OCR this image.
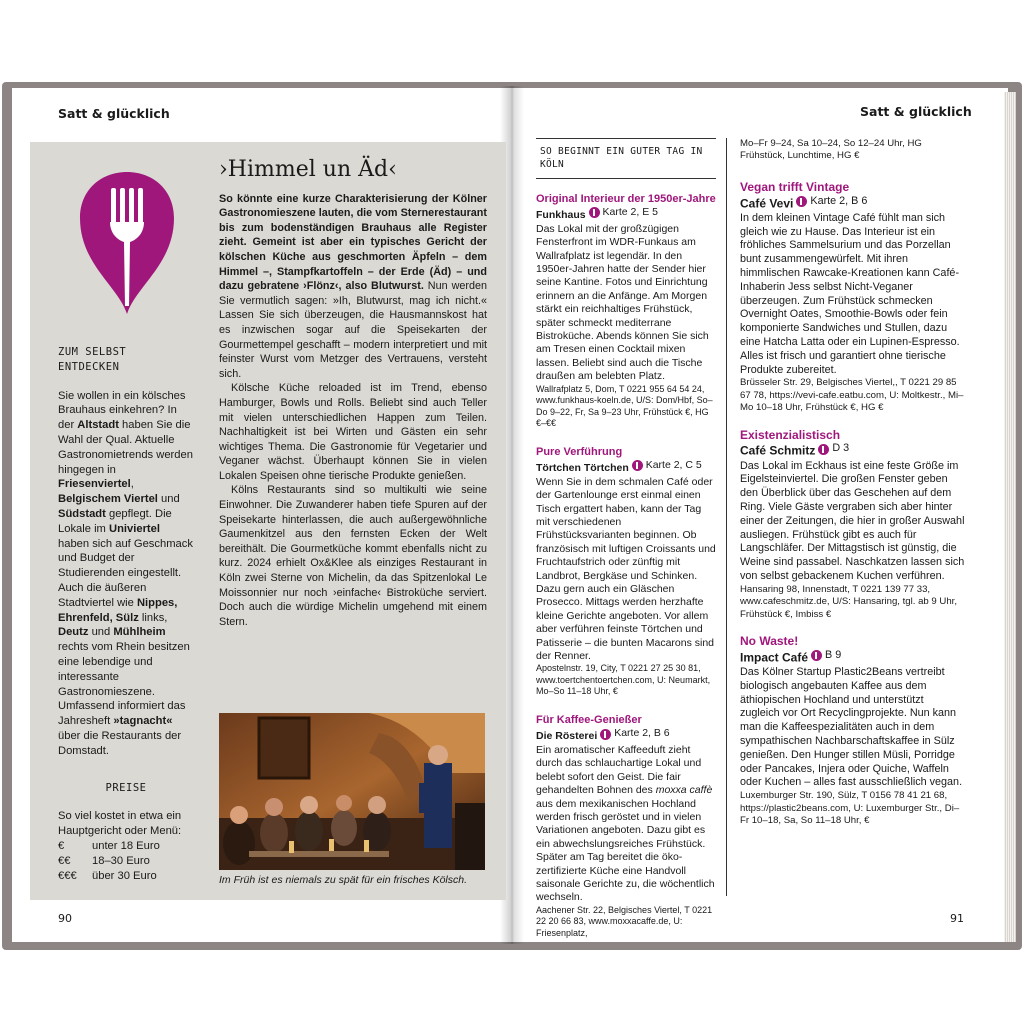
Satt & glücklich
ZUM SELBST ENTDECKEN
Sie wollen in ein kölsches Brauhaus einkehren? In der Altstadt haben Sie die Wahl der Qual. Aktuelle Gastronomietrends werden hingegen in Friesenviertel, Belgischem Viertel und Südstadt gepflegt. Die Lokale im Univiertel haben sich auf Geschmack und Budget der Studierenden eingestellt. Auch die äußeren Stadtviertel wie Nippes, Ehrenfeld, Sülz links, Deutz und Mühlheim rechts vom Rhein besitzen eine lebendige und interessante Gastronomieszene. Umfassend informiert das Jahresheft »tagnacht« über die Restaurants der Domstadt.
PREISE
So viel kostet in etwa ein Hauptgericht oder Menü:
€	unter 18 Euro
€€	18–30 Euro
€€€	über 30 Euro
›Himmel un Äd‹

So könnte eine kurze Charakterisierung der Kölner Gastronomieszene lauten, die vom Sternerestaurant bis zum bodenständigen Brauhaus alle Register zieht. Gemeint ist aber ein typisches Gericht der kölschen Küche aus geschmorten Äpfeln – dem Himmel –, Stampfkartoffeln – der Erde (Äd) – und dazu gebratene ›Flönz‹, also Blutwurst. Nun werden Sie vermutlich sagen: »Ih, Blutwurst, mag ich nicht.« Lassen Sie sich überzeugen, die Hausmannskost hat es inzwischen sogar auf die Speisekarten der Gourmettempel geschafft – modern interpretiert und mit feinster Wurst vom Metzger des Vertrauens, versteht sich.

Kölsche Küche reloaded ist im Trend, ebenso Hamburger, Bowls und Rolls. Beliebt sind auch Teller mit vielen unterschiedlichen Happen zum Teilen. Nachhaltigkeit ist bei Wirten und Gästen ein sehr wichtiges Thema. Die Gastronomie für Vegetarier und Veganer wächst. Überhaupt können Sie in vielen Lokalen Speisen ohne tierische Produkte genießen.

Kölns Restaurants sind so multikulti wie seine Einwohner. Die Zuwanderer haben tiefe Spuren auf der Speisekarte hinterlassen, die auch außergewöhnliche Gaumenkitzel aus den fernsten Ecken der Welt bereithält. Die Gourmetküche kommt ebenfalls nicht zu kurz. 2024 erhielt Ox&Klee als einziges Restaurant in Köln zwei Sterne von Michelin, da das Spitzenlokal Le Moissonnier nur noch ›einfache‹ Bistroküche serviert. Doch auch die würdige Michelin umgehend mit einem Stern.

Im Früh ist es niemals zu spät für ein frisches Kölsch.
90
Satt & glücklich
SO BEGINNT EIN GUTER TAG IN KÖLN
Original Interieur der 1950er-Jahre
Funkhaus Karte 2, E 5

Das Lokal mit der großzügigen Fensterfront im WDR-Funkaus am Wallrafplatz ist legendär. In den 1950er-Jahren hatte der Sender hier seine Kantine. Fotos und Einrichtung erinnern an die Anfänge. Am Morgen stärkt ein reichhaltiges Frühstück, später schmeckt mediterrane Bistroküche. Abends können Sie sich am Tresen einen Cocktail mixen lassen. Beliebt sind auch die Tische draußen am belebten Platz.

Wallrafplatz 5, Dom, T 0221 955 64 54 24, www.funkhaus-koeln.de, U/S: Dom/Hbf, So–Do 9–22, Fr, Sa 9–23 Uhr, Frühstück €, HG €–€€
Pure Verführung
Törtchen Törtchen Karte 2, C 5

Wenn Sie in dem schmalen Café oder der Gartenlounge erst einmal einen Tisch ergattert haben, kann der Tag mit verschiedenen Frühstücksvarianten beginnen. Ob französisch mit luftigen Croissants und Fruchtaufstrich oder zünftig mit Landbrot, Bergkäse und Schinken. Dazu gern auch ein Gläschen Prosecco. Mittags werden herzhafte kleine Gerichte angeboten. Vor allem aber verführen feinste Törtchen und Patisserie – die bunten Macarons sind der Renner.

Apostelnstr. 19, City, T 0221 27 25 30 81, www.toertchentoertchen.com, U: Neumarkt, Mo–So 11–18 Uhr, €
Für Kaffee-Genießer
Die Rösterei Karte 2, B 6

Ein aromatischer Kaffeeduft zieht durch das schlauchartige Lokal und belebt sofort den Geist. Die fair gehandelten Bohnen des moxxa caffè aus dem mexikanischen Hochland werden frisch geröstet und in vielen Variationen angeboten. Dazu gibt es ein abwechslungsreiches Frühstück. Später am Tag bereitet die öko-zertifizierte Küche eine Handvoll saisonale Gerichte zu, die wöchentlich wechseln.

Aachener Str. 22, Belgisches Viertel, T 0221 22 20 66 83, www.moxxacaffe.de, U: Friesenplatz,
Mo–Fr 9–24, Sa 10–24, So 12–24 Uhr, HG Frühstück, Lunchtime, HG €
Vegan trifft Vintage
Café Vevi Karte 2, B 6

In dem kleinen Vintage Café fühlt man sich gleich wie zu Hause. Das Interieur ist ein fröhliches Sammelsurium und das Porzellan bunt zusammengewürfelt. Mit ihren himmlischen Rawcake-Kreationen kann Café-Inhaberin Jess selbst Nicht-Veganer überzeugen. Zum Frühstück schmecken Overnight Oates, Smoothie-Bowls oder fein komponierte Sandwiches und Stullen, dazu eine Hatcha Latta oder ein Lupinen-Espresso. Alles ist frisch und garantiert ohne tierische Produkte zubereitet.

Brüsseler Str. 29, Belgisches Viertel,, T 0221 29 85 67 78, https://vevi-cafe.eatbu.com, U: Moltkestr., Mi–Mo 10–18 Uhr, Frühstück €, HG €
Existenzialistisch
Café Schmitz D 3

Das Lokal im Eckhaus ist eine feste Größe im Eigelsteinviertel. Die großen Fenster geben den Überblick über das Geschehen auf dem Ring. Viele Gäste vergraben sich aber hinter einer der Zeitungen, die hier in großer Auswahl ausliegen. Frühstück gibt es auch für Langschläfer. Der Mittagstisch ist günstig, die Weine sind passabel. Naschkatzen lassen sich von selbst gebackenem Kuchen verführen.

Hansaring 98, Innenstadt, T 0221 139 77 33, www.cafeschmitz.de, U/S: Hansaring, tgl. ab 9 Uhr, Frühstück €, Imbiss €
No Waste!
Impact Café B 9

Das Kölner Startup Plastic2Beans vertreibt biologisch angebauten Kaffee aus dem äthiopischen Hochland und unterstützt zugleich vor Ort Recyclingprojekte. Nun kann man die Kaffeespezialitäten auch in dem sympathischen Nachbarschaftskaffee in Sülz genießen. Den Hunger stillen Müsli, Porridge oder Pancakes, Injera oder Quiche, Waffeln oder Kuchen – alles fast ausschließlich vegan.

Luxemburger Str. 190, Sülz, T 0156 78 41 21 68, https://plastic2beans.com, U: Luxemburger Str., Di–Fr 10–18, Sa, So 11–18 Uhr, €
91
